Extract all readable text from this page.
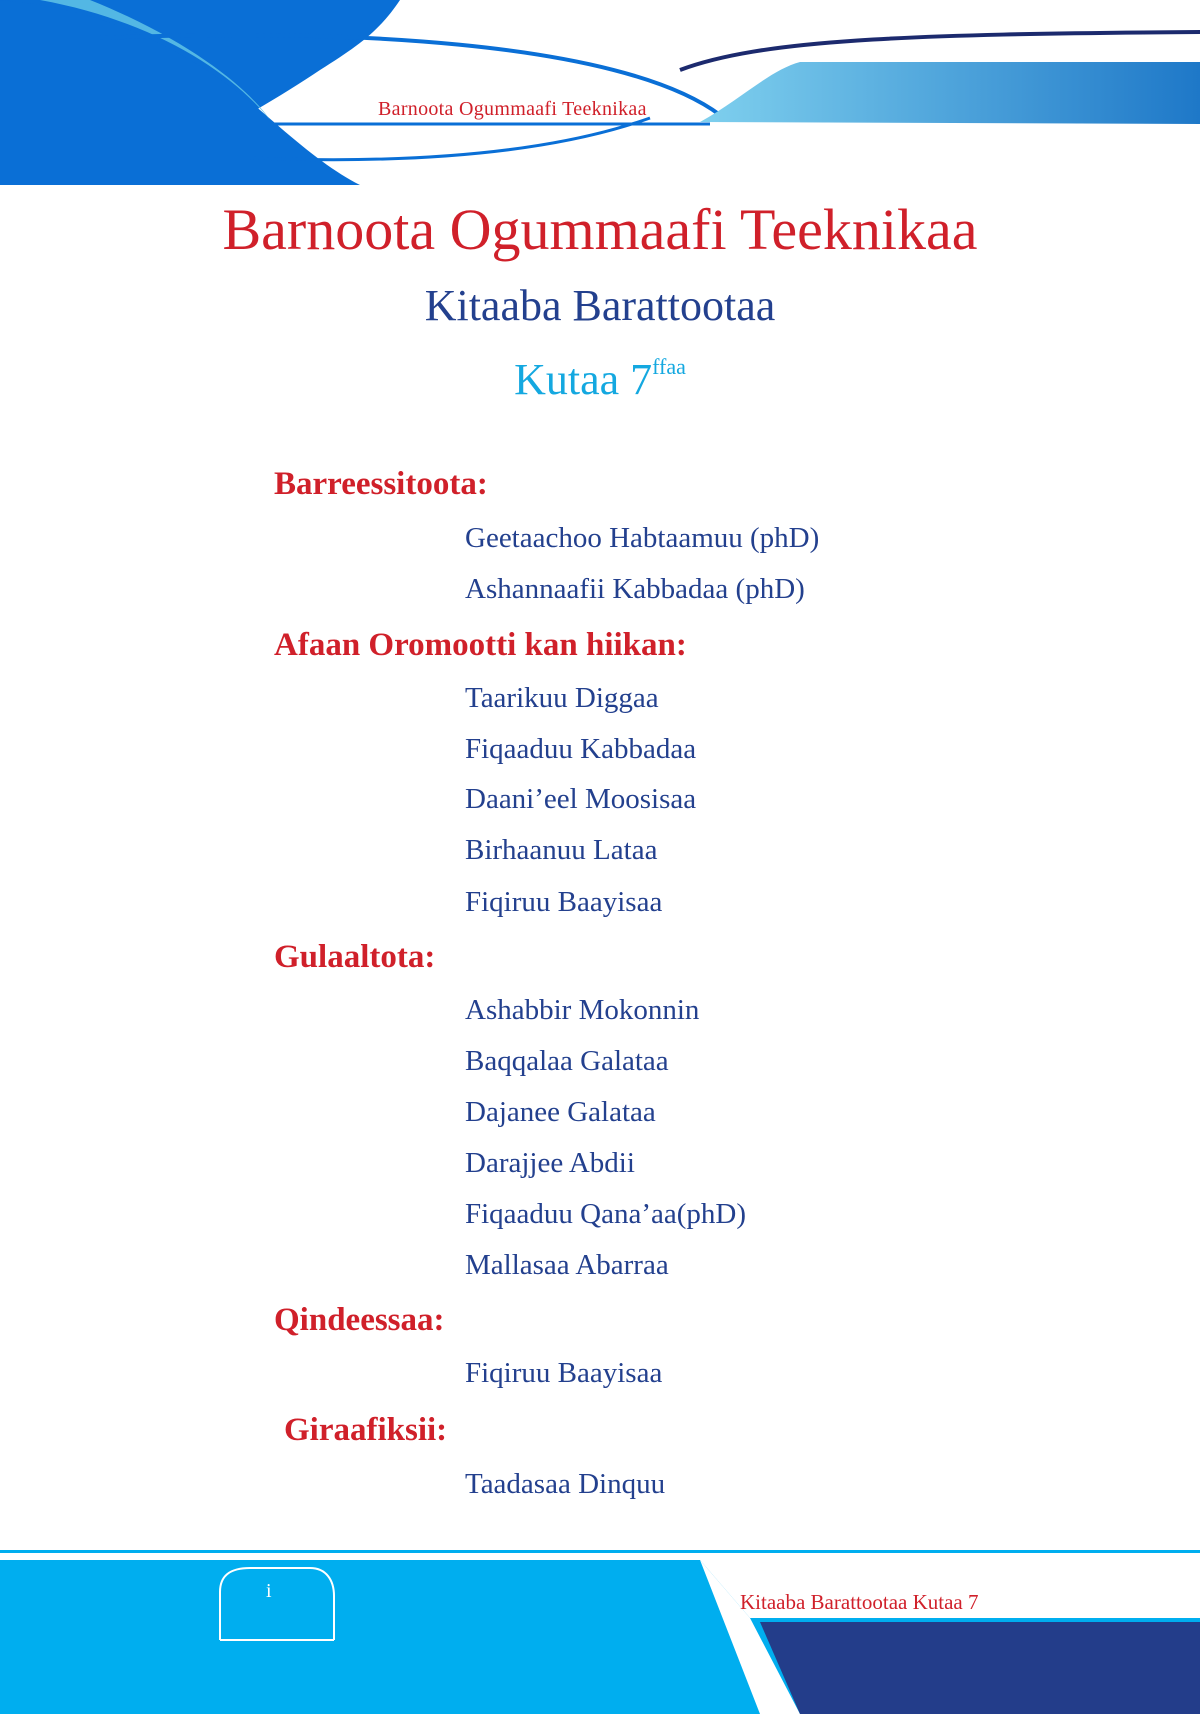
Barnoota Ogummaafi Teeknikaa
Barnoota Ogummaafi Teeknikaa
Kitaaba Barattootaa
Kutaa $7^{ffaa}$
Barreessitoota:
Geetaachoo Habtaamuu (phD)
Ashannaafii Kabbadaa (phD)
Afaan Oromootti kan hiikan:
Taarikuu Diggaa
Fiqaaduu Kabbadaa
Daani’eel Moosisaa
Birhaanuu Lataa
Fiqiruu Baayisaa
Gulaaltota:
Ashabbir Mokonnin
Baqqalaa Galataa
Dajanee Galataa
Darajjee Abdii
Fiqaaduu Qana’aa(phD)
Mallasaa Abarraa
Qindeessaa:
Fiqiruu Baayisaa
Giraafiksii:
Taadasaa Dinquu
i	Kitaaba Barattootaa Kutaa 7
